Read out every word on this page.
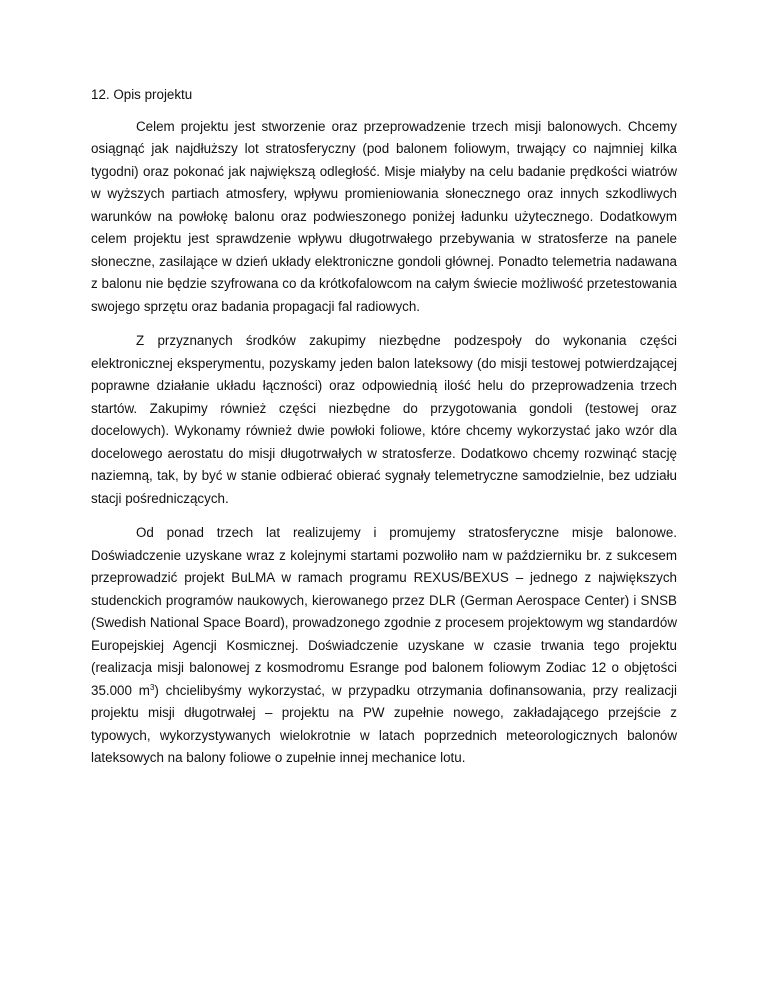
12. Opis projektu

Celem projektu jest stworzenie oraz przeprowadzenie trzech misji balonowych. Chcemy osiągnąć jak najdłuższy lot stratosferyczny (pod balonem foliowym, trwający co najmniej kilka tygodni) oraz pokonać jak największą odległość. Misje miałyby na celu badanie prędkości wiatrów w wyższych partiach atmosfery, wpływu promieniowania słonecznego oraz innych szkodliwych warunków na powłokę balonu oraz podwieszonego poniżej ładunku użytecznego. Dodatkowym celem projektu jest sprawdzenie wpływu długotrwałego przebywania w stratosferze na panele słoneczne, zasilające w dzień układy elektroniczne gondoli głównej. Ponadto telemetria nadawana z balonu nie będzie szyfrowana co da krótkofalowcom na całym świecie możliwość przetestowania swojego sprzętu oraz badania propagacji fal radiowych.

Z przyznanych środków zakupimy niezbędne podzespoły do wykonania części elektronicznej eksperymentu, pozyskamy jeden balon lateksowy (do misji testowej potwierdzającej poprawne działanie układu łączności) oraz odpowiednią ilość helu do przeprowadzenia trzech startów. Zakupimy również części niezbędne do przygotowania gondoli (testowej oraz docelowych). Wykonamy również dwie powłoki foliowe, które chcemy wykorzystać jako wzór dla docelowego aerostatu do misji długotrwałych w stratosferze. Dodatkowo chcemy rozwinąć stację naziemną, tak, by być w stanie odbierać obierać sygnały telemetryczne samodzielnie, bez udziału stacji pośredniczących.

Od ponad trzech lat realizujemy i promujemy stratosferyczne misje balonowe. Doświadczenie uzyskane wraz z kolejnymi startami pozwoliło nam w październiku br. z sukcesem przeprowadzić projekt BuLMA w ramach programu REXUS/BEXUS – jednego z największych studenckich programów naukowych, kierowanego przez DLR (German Aerospace Center) i SNSB (Swedish National Space Board), prowadzonego zgodnie z procesem projektowym wg standardów Europejskiej Agencji Kosmicznej. Doświadczenie uzyskane w czasie trwania tego projektu (realizacja misji balonowej z kosmodromu Esrange pod balonem foliowym Zodiac 12 o objętości 35.000 $m^3$) chcielibyśmy wykorzystać, w przypadku otrzymania dofinansowania, przy realizacji projektu misji długotrwałej – projektu na PW zupełnie nowego, zakładającego przejście z typowych, wykorzystywanych wielokrotnie w latach poprzednich meteorologicznych balonów lateksowych na balony foliowe o zupełnie innej mechanice lotu.
